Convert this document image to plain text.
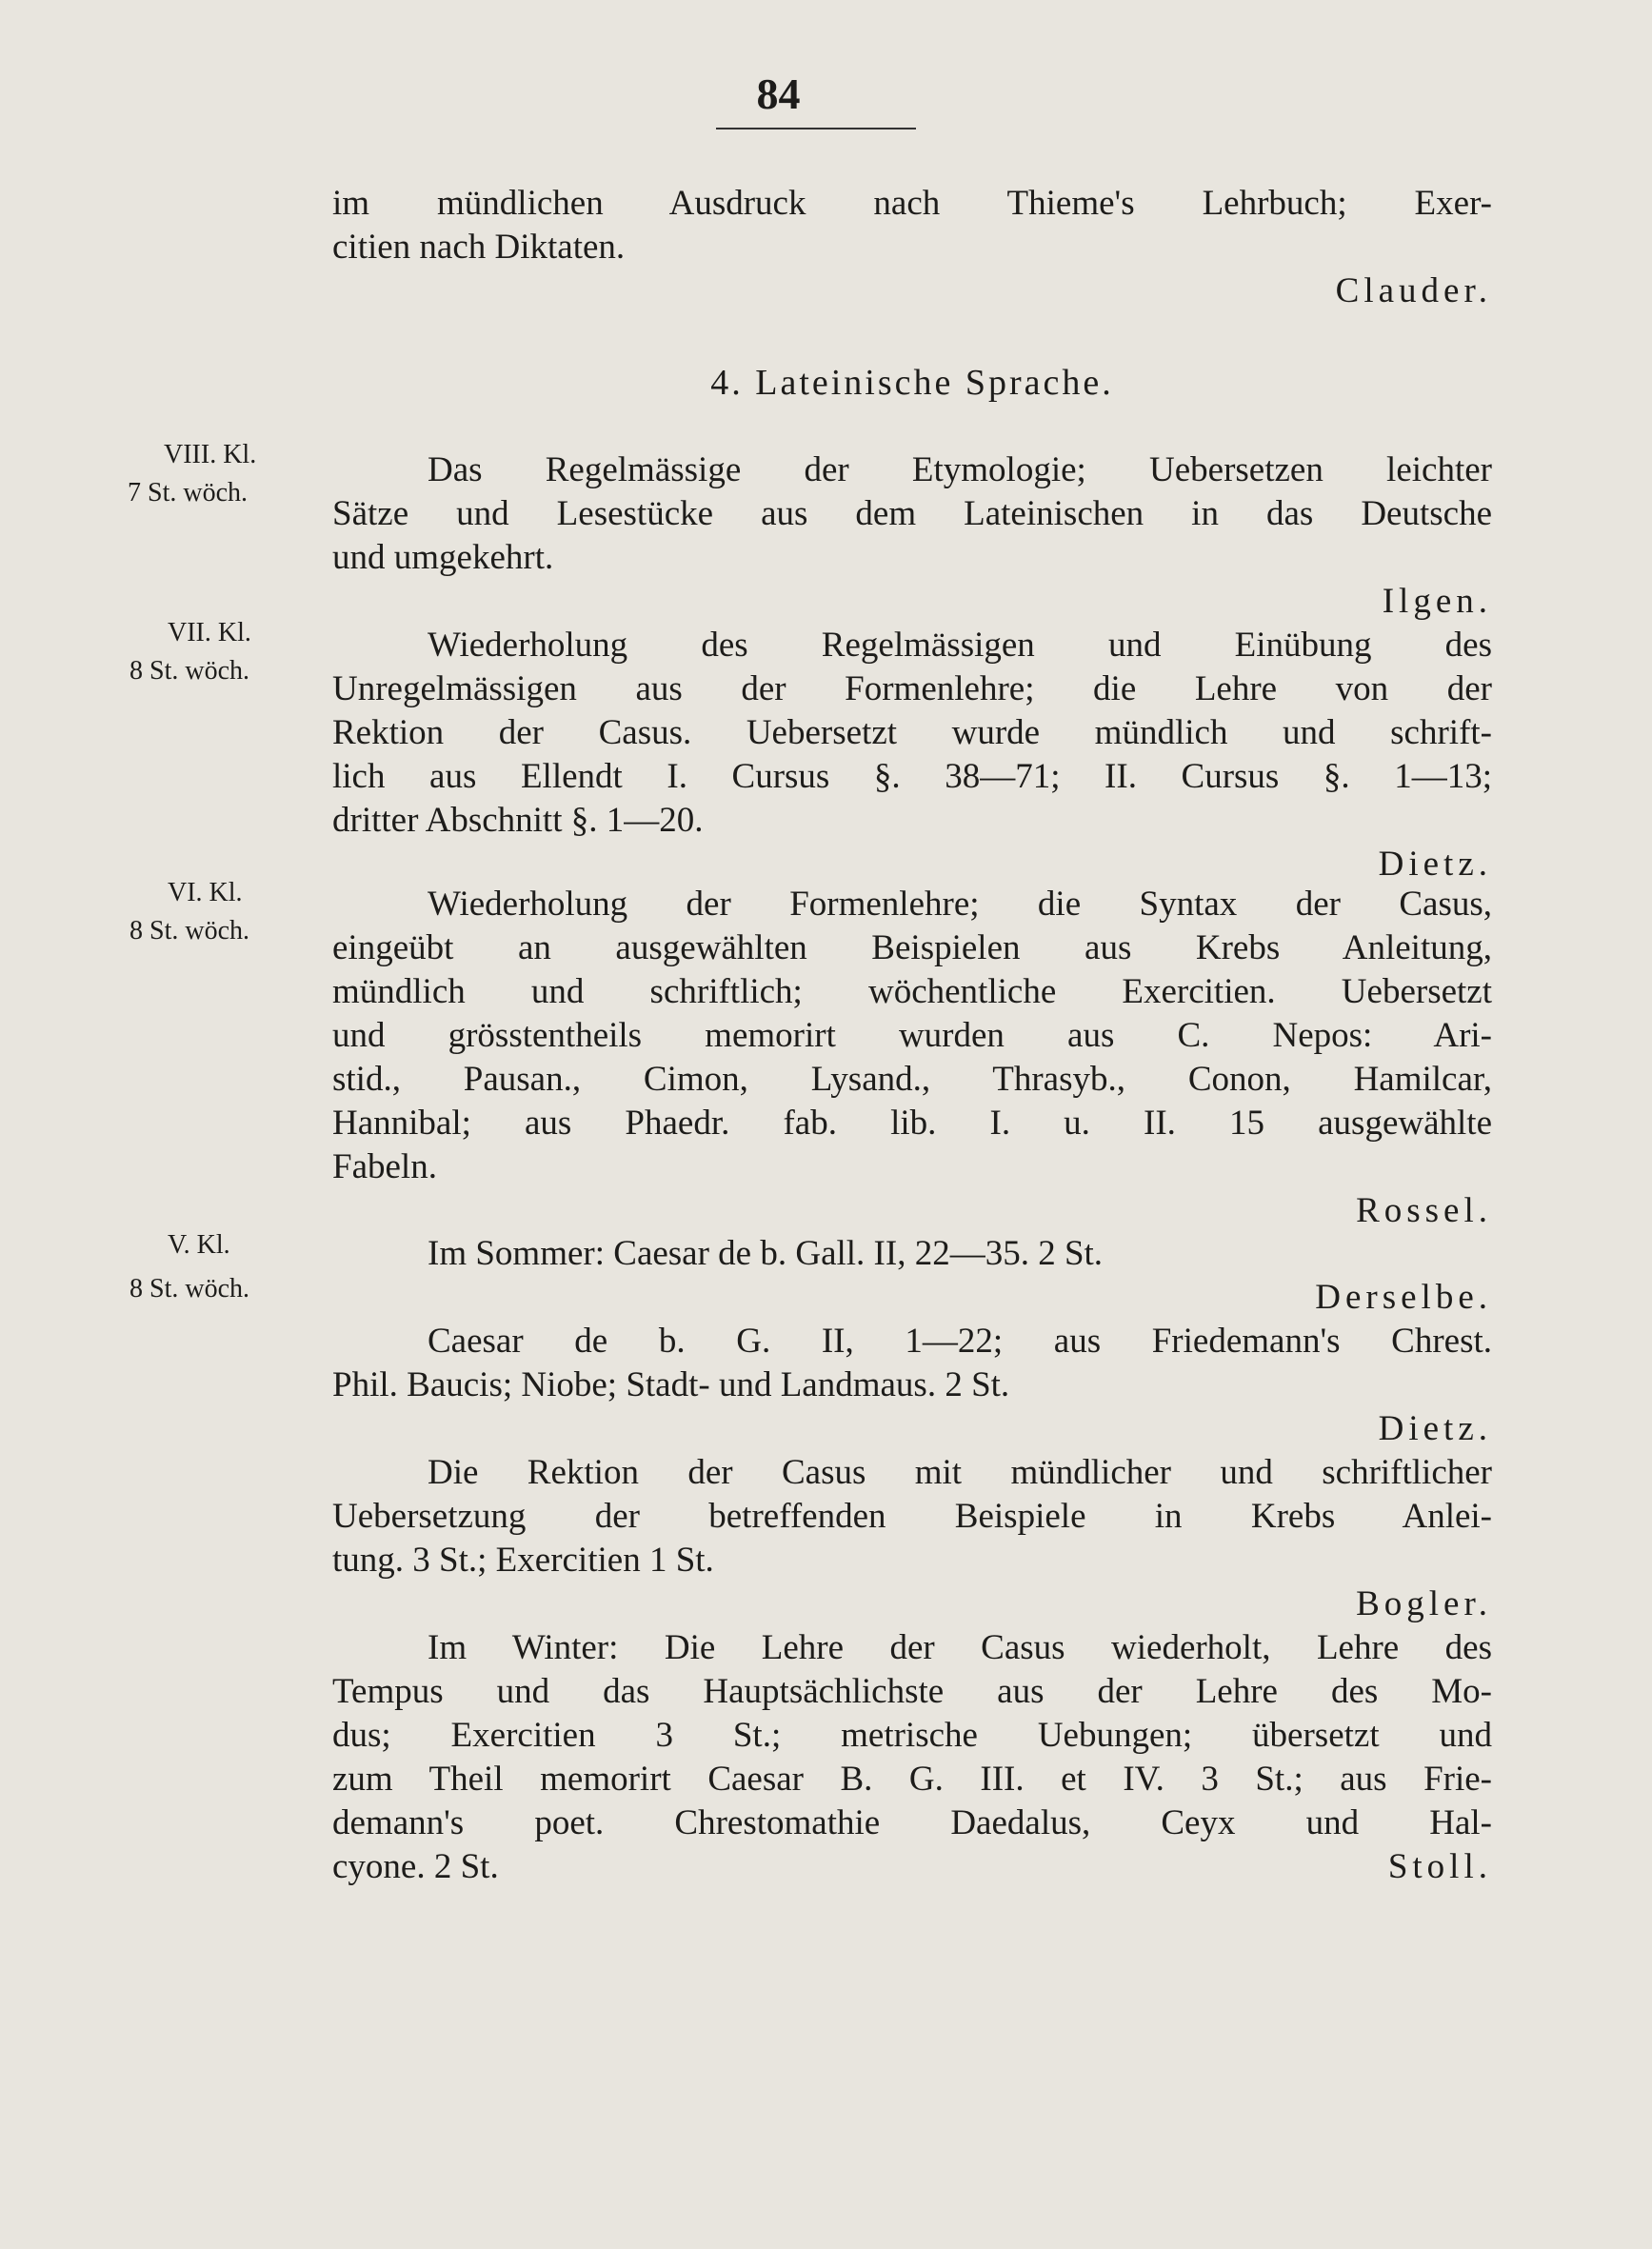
84
im mündlichen Ausdruck nach Thieme's Lehrbuch; Exer-
citien nach Diktaten.
Clauder.
4. Lateinische Sprache.
VIII. Kl.
7 St. wöch.
Das Regelmässige der Etymologie; Uebersetzen leichter
Sätze und Lesestücke aus dem Lateinischen in das Deutsche
und umgekehrt.
Ilgen.
VII. Kl.
8 St. wöch.
Wiederholung des Regelmässigen und Einübung des
Unregelmässigen aus der Formenlehre; die Lehre von der
Rektion der Casus. Uebersetzt wurde mündlich und schrift-
lich aus Ellendt I. Cursus §. 38—71; II. Cursus §. 1—13;
dritter Abschnitt §. 1—20.
Dietz.
VI. Kl.
8 St. wöch.
Wiederholung der Formenlehre; die Syntax der Casus,
eingeübt an ausgewählten Beispielen aus Krebs Anleitung,
mündlich und schriftlich; wöchentliche Exercitien. Uebersetzt
und grösstentheils memorirt wurden aus C. Nepos: Ari-
stid., Pausan., Cimon, Lysand., Thrasyb., Conon, Hamilcar,
Hannibal; aus Phaedr. fab. lib. I. u. II. 15 ausgewählte
Fabeln.
Rossel.
V. Kl.
8 St. wöch.
Im Sommer: Caesar de b. Gall. II, 22—35. 2 St.
Derselbe.
Caesar de b. G. II, 1—22; aus Friedemann's Chrest.
Phil. Baucis; Niobe; Stadt- und Landmaus. 2 St.
Dietz.
Die Rektion der Casus mit mündlicher und schriftlicher
Uebersetzung der betreffenden Beispiele in Krebs Anlei-
tung. 3 St.; Exercitien 1 St.
Bogler.
Im Winter: Die Lehre der Casus wiederholt, Lehre des
Tempus und das Hauptsächlichste aus der Lehre des Mo-
dus; Exercitien 3 St.; metrische Uebungen; übersetzt und
zum Theil memorirt Caesar B. G. III. et IV. 3 St.; aus Frie-
demann's poet. Chrestomathie Daedalus, Ceyx und Hal-
cyone. 2 St.	Stoll.
